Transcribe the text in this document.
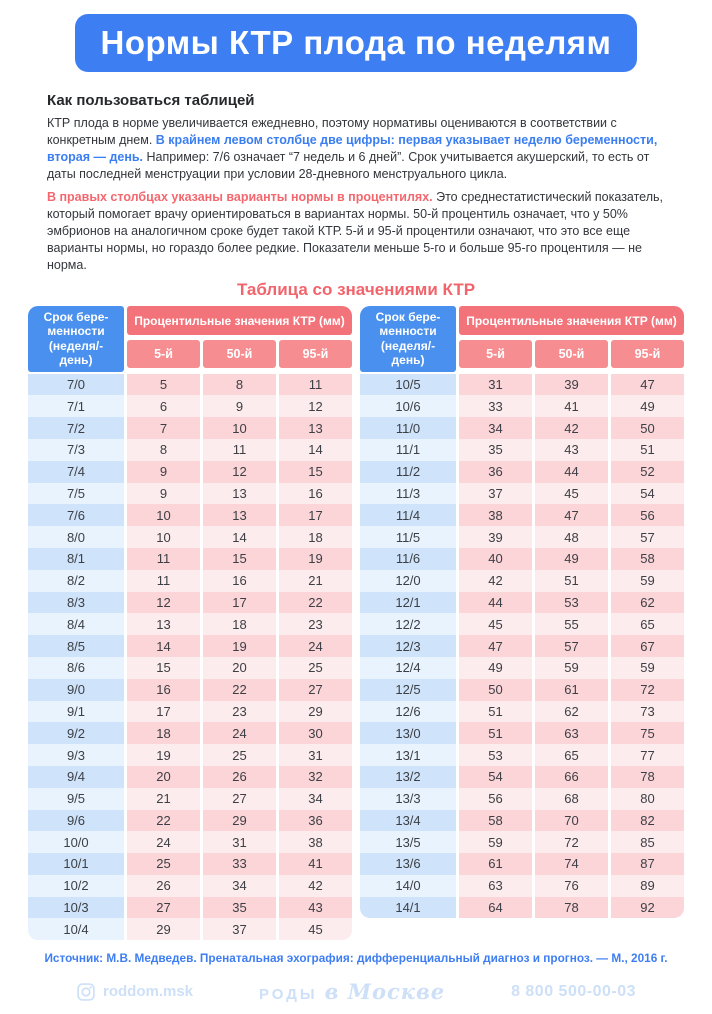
Нормы КТР плода по неделям
Как пользоваться таблицей

КТР плода в норме увеличивается ежедневно, поэтому нормативы оцениваются в соответствии с конкретным днем. В крайнем левом столбце две цифры: первая указывает неделю беременности, вторая — день. Например: 7/6 означает “7 недель и 6 дней”. Срок учитывается акушерский, то есть от даты последней менструации при условии 28-дневного менструального цикла.

В правых столбцах указаны варианты нормы в процентилях. Это среднестатистический показатель, который помогает врачу ориентироваться в вариантах нормы. 50-й процентиль означает, что у 50% эмбрионов на аналогичном сроке будет такой КТР. 5-й и 95-й процентили означают, что это все еще варианты нормы, но гораздо более редкие. Показатели меньше 5-го и больше 95-го процентиля — не норма.

Таблица со значениями КТР
Срок бере-менности (неделя/-день)
Процентильные значения КТР (мм)
5-й	50-й	95-й
7/0	5	8	11
7/1	6	9	12
7/2	7	10	13
7/3	8	11	14
7/4	9	12	15
7/5	9	13	16
7/6	10	13	17
8/0	10	14	18
8/1	11	15	19
8/2	11	16	21
8/3	12	17	22
8/4	13	18	23
8/5	14	19	24
8/6	15	20	25
9/0	16	22	27
9/1	17	23	29
9/2	18	24	30
9/3	19	25	31
9/4	20	26	32
9/5	21	27	34
9/6	22	29	36
10/0	24	31	38
10/1	25	33	41
10/2	26	34	42
10/3	27	35	43
10/4	29	37	45
Срок бере-менности (неделя/-день)
Процентильные значения КТР (мм)
5-й	50-й	95-й
10/5	31	39	47
10/6	33	41	49
11/0	34	42	50
11/1	35	43	51
11/2	36	44	52
11/3	37	45	54
11/4	38	47	56
11/5	39	48	57
11/6	40	49	58
12/0	42	51	59
12/1	44	53	62
12/2	45	55	65
12/3	47	57	67
12/4	49	59	59
12/5	50	61	72
12/6	51	62	73
13/0	51	63	75
13/1	53	65	77
13/2	54	66	78
13/3	56	68	80
13/4	58	70	82
13/5	59	72	85
13/6	61	74	87
14/0	63	76	89
14/1	64	78	92
Источник: М.В. Медведев. Пренатальная эхография: дифференциальный диагноз и прогноз. — М., 2016 г.
roddom.msk	РОДЫ в Москве	8 800 500-00-03
